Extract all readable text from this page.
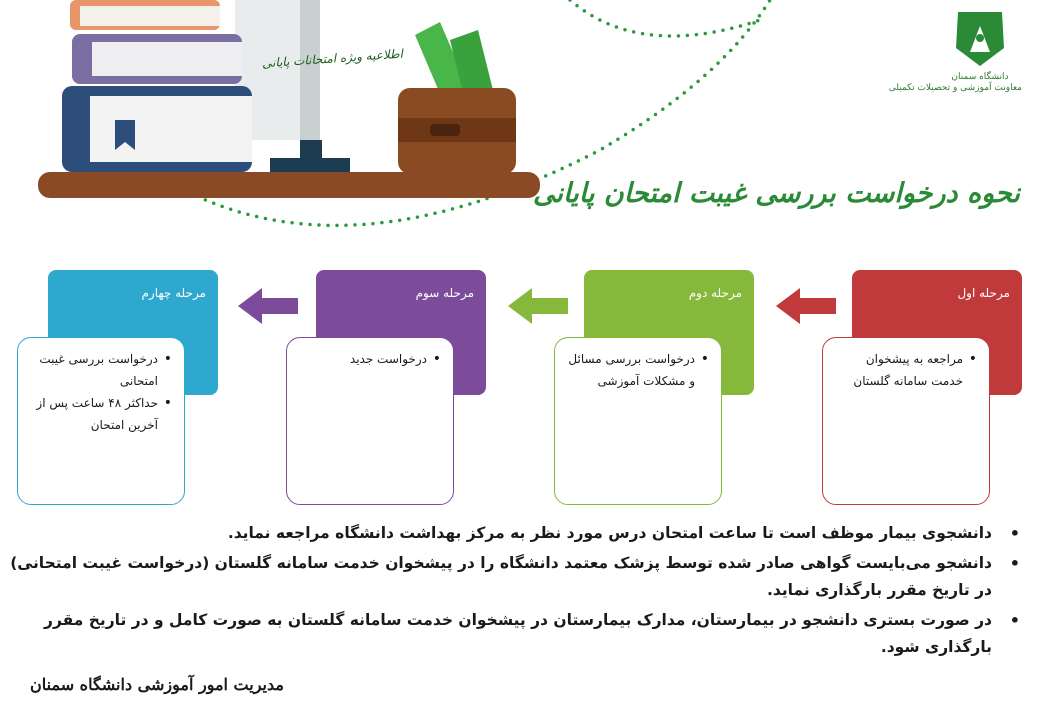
دانشگاه سمنان
معاونت آموزشی و تحصیلات تکمیلی
اطلاعیه ویژه امتحانات پایانی
نحوه درخواست بررسی غیبت امتحان پایانی
مرحله اول
• مراجعه به پیشخوان خدمت سامانه گلستان
مرحله دوم
• درخواست بررسی مسائل و مشکلات آموزشی
مرحله سوم
• درخواست جدید
مرحله چهارم
• درخواست بررسی غیبت امتحانی
• حداکثر ۴۸ ساعت پس از آخرین امتحان
• دانشجوی بیمار موظف است تا ساعت امتحان درس مورد نظر به مرکز بهداشت دانشگاه مراجعه نماید.
• دانشجو می‌بایست گواهی صادر شده توسط پزشک معتمد دانشگاه را در پیشخوان خدمت سامانه گلستان (درخواست غیبت امتحانی) در تاریخ مقرر بارگذاری نماید.
• در صورت بستری دانشجو در بیمارستان، مدارک بیمارستان در پیشخوان خدمت سامانه گلستان به صورت کامل و در تاریخ مقرر بارگذاری شود.
مدیریت امور آموزشی دانشگاه سمنان
